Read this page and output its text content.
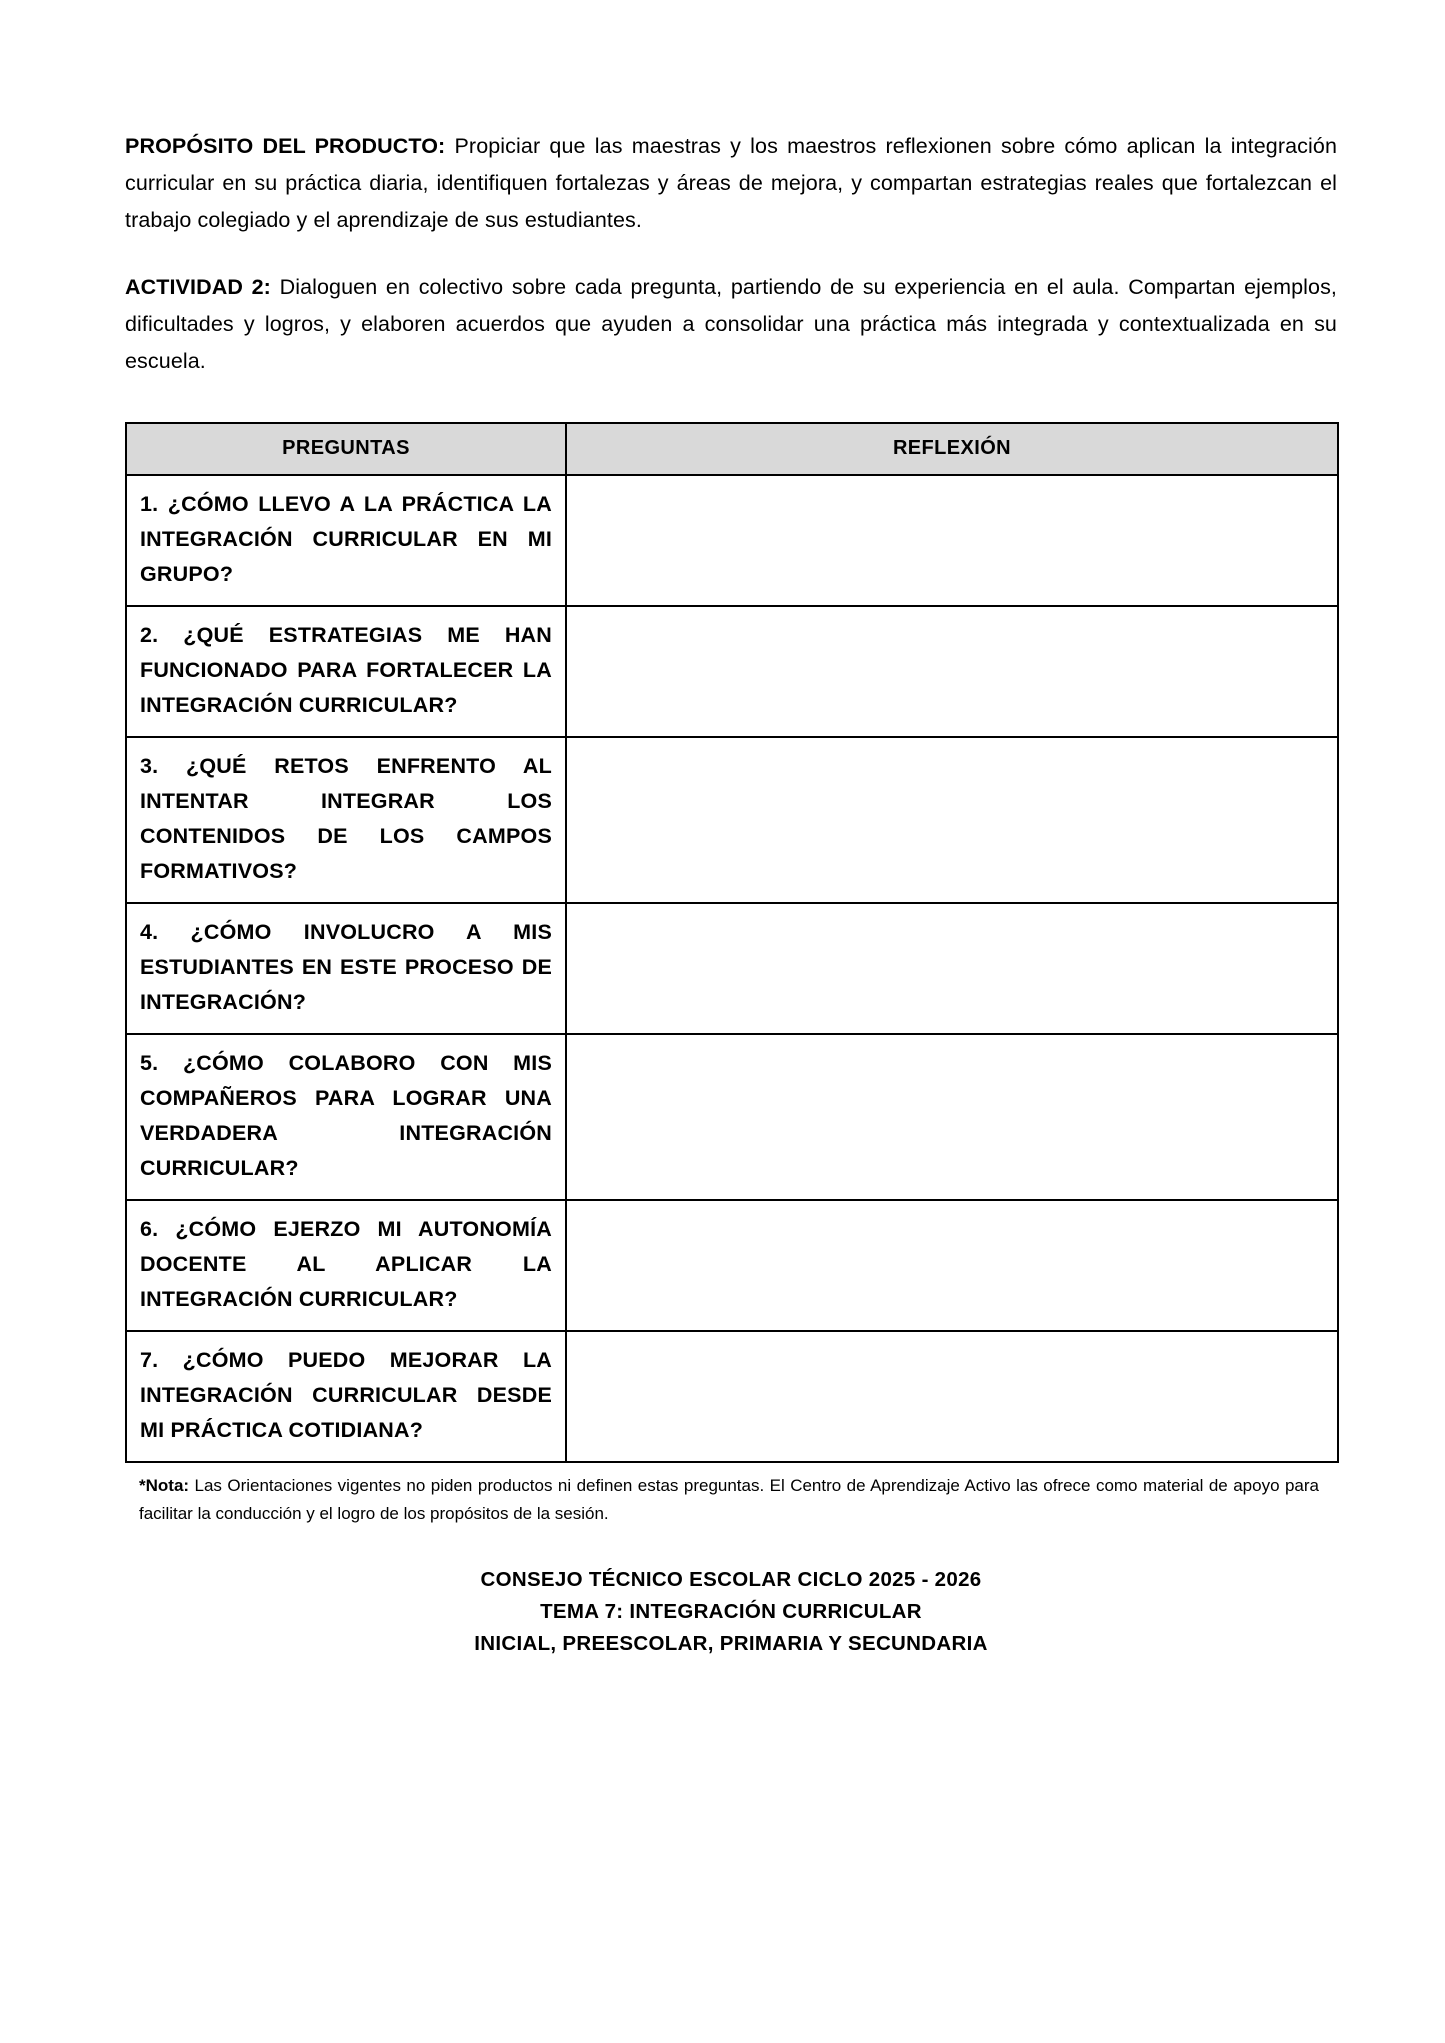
PROPÓSITO DEL PRODUCTO: Propiciar que las maestras y los maestros reflexionen sobre cómo aplican la integración curricular en su práctica diaria, identifiquen fortalezas y áreas de mejora, y compartan estrategias reales que fortalezcan el trabajo colegiado y el aprendizaje de sus estudiantes.

ACTIVIDAD 2: Dialoguen en colectivo sobre cada pregunta, partiendo de su experiencia en el aula. Compartan ejemplos, dificultades y logros, y elaboren acuerdos que ayuden a consolidar una práctica más integrada y contextualizada en su escuela.

PREGUNTAS	REFLEXIÓN

1. ¿CÓMO LLEVO A LA PRÁCTICA LA INTEGRACIÓN CURRICULAR EN MI GRUPO?	

2. ¿QUÉ ESTRATEGIAS ME HAN FUNCIONADO PARA FORTALECER LA INTEGRACIÓN CURRICULAR?	

3. ¿QUÉ RETOS ENFRENTO AL INTENTAR INTEGRAR LOS CONTENIDOS DE LOS CAMPOS FORMATIVOS?	

4. ¿CÓMO INVOLUCRO A MIS ESTUDIANTES EN ESTE PROCESO DE INTEGRACIÓN?	

5. ¿CÓMO COLABORO CON MIS COMPAÑEROS PARA LOGRAR UNA VERDADERA INTEGRACIÓN CURRICULAR?	

6. ¿CÓMO EJERZO MI AUTONOMÍA DOCENTE AL APLICAR LA INTEGRACIÓN CURRICULAR?	

7. ¿CÓMO PUEDO MEJORAR LA INTEGRACIÓN CURRICULAR DESDE MI PRÁCTICA COTIDIANA?	

*Nota: Las Orientaciones vigentes no piden productos ni definen estas preguntas. El Centro de Aprendizaje Activo las ofrece como material de apoyo para facilitar la conducción y el logro de los propósitos de la sesión.

CONSEJO TÉCNICO ESCOLAR CICLO 2025 - 2026
TEMA 7: INTEGRACIÓN CURRICULAR
INICIAL, PREESCOLAR, PRIMARIA Y SECUNDARIA
